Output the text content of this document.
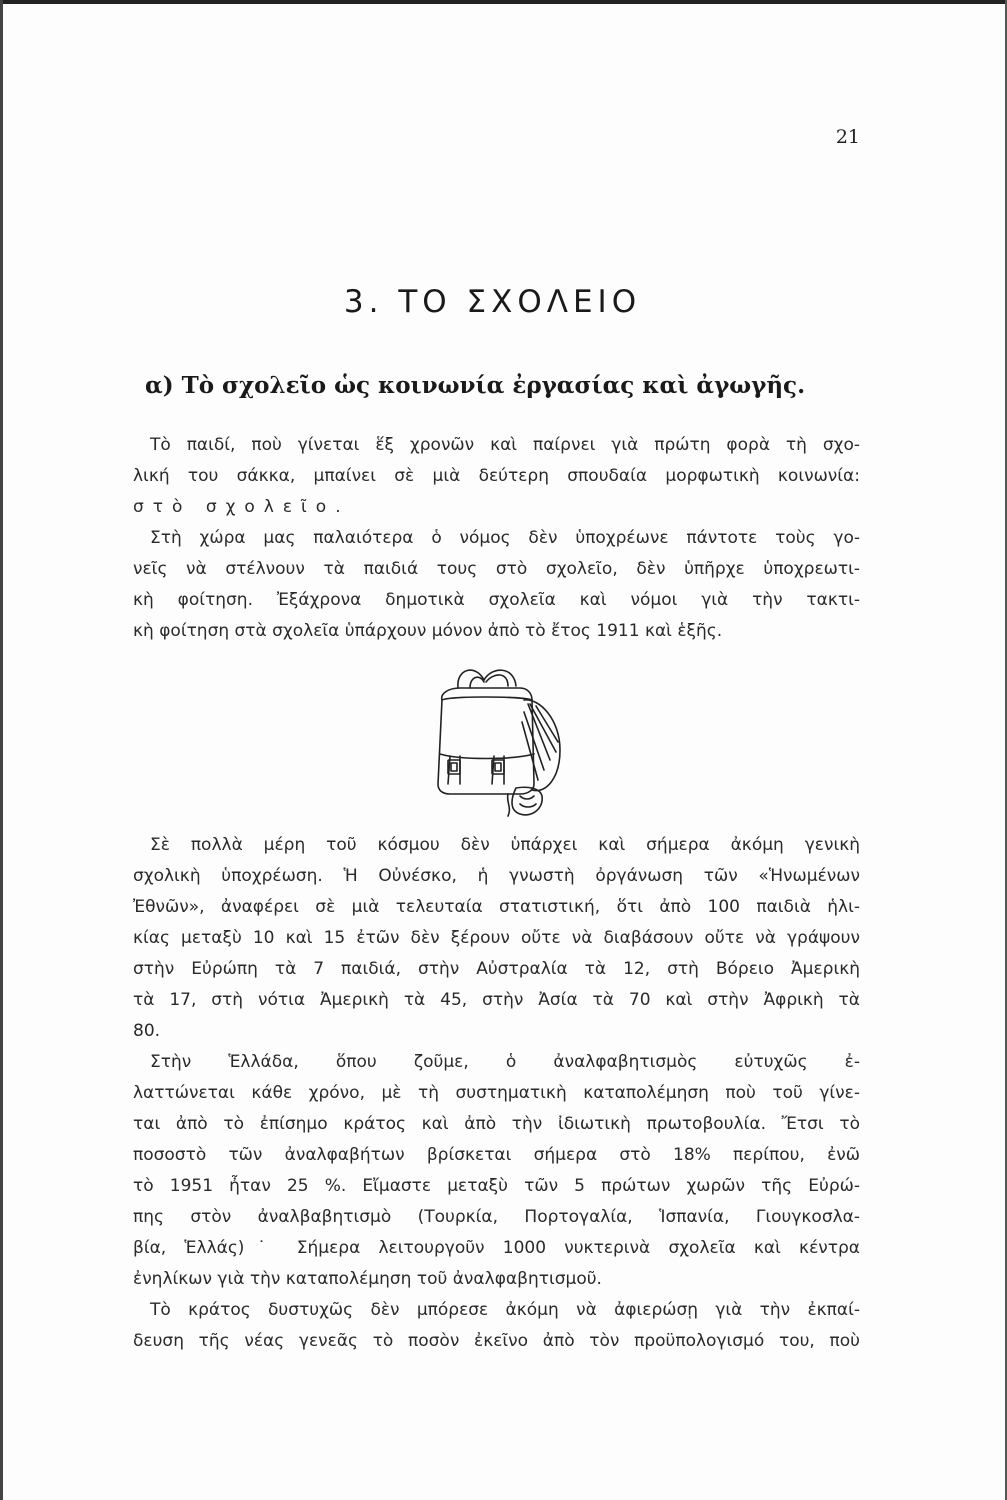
21
3. ΤΟ ΣΧΟΛΕΙΟ
α) Τὸ σχολεῖο ὡς κοινωνία ἐργασίας καὶ ἀγωγῆς.
Τὸ παιδί, ποὺ γίνεται ἕξ χρονῶν καὶ παίρνει γιὰ πρώτη φορὰ τὴ σχο-
λική του σάκκα, μπαίνει σὲ μιὰ δεύτερη σπουδαία μορφωτικὴ κοινωνία:
στὸ σχολεῖο.
Στὴ χώρα μας παλαιότερα ὁ νόμος δὲν ὑποχρέωνε πάντοτε τοὺς γο-
νεῖς νὰ στέλνουν τὰ παιδιά τους στὸ σχολεῖο, δὲν ὑπῆρχε ὑποχρεωτι-
κὴ φοίτηση. Ἐξάχρονα δημοτικὰ σχολεῖα καὶ νόμοι γιὰ τὴν τακτι-
κὴ φοίτηση στὰ σχολεῖα ὑπάρχουν μόνον ἀπὸ τὸ ἔτος 1911 καὶ ἑξῆς.
Σὲ πολλὰ μέρη τοῦ κόσμου δὲν ὑπάρχει καὶ σήμερα ἀκόμη γενικὴ
σχολικὴ ὑποχρέωση. Ἡ Οὐνέσκο, ἡ γνωστὴ ὀργάνωση τῶν «Ἡνωμένων
Ἐθνῶν», ἀναφέρει σὲ μιὰ τελευταία στατιστική, ὅτι ἀπὸ 100 παιδιὰ ἡλι-
κίας μεταξὺ 10 καὶ 15 ἐτῶν δὲν ξέρουν οὔτε νὰ διαβάσουν οὔτε νὰ γράψουν
στὴν Εὐρώπη τὰ 7 παιδιά, στὴν Αὐστραλία τὰ 12, στὴ Βόρειο Ἀμερικὴ
τὰ 17, στὴ νότια Ἀμερικὴ τὰ 45, στὴν Ἀσία τὰ 70 καὶ στὴν Ἀφρικὴ τὰ
80.
Στὴν Ἑλλάδα, ὅπου ζοῦμε, ὁ ἀναλφαβητισμὸς εὐτυχῶς ἐ-
λαττώνεται κάθε χρόνο, μὲ τὴ συστηματικὴ καταπολέμηση ποὺ τοῦ γίνε-
ται ἀπὸ τὸ ἐπίσημο κράτος καὶ ἀπὸ τὴν ἰδιωτικὴ πρωτοβουλία. Ἔτσι τὸ
ποσοστὸ τῶν ἀναλφαβήτων βρίσκεται σήμερα στὸ 18% περίπου, ἐνῶ
τὸ 1951 ἦταν 25 %. Εἴμαστε μεταξὺ τῶν 5 πρώτων χωρῶν τῆς Εὐρώ-
πης στὸν ἀναλβαβητισμὸ (Τουρκία, Πορτογαλία, Ἱσπανία, Γιουγκοσλα-
βία, Ἑλλάς)˙ Σήμερα λειτουργοῦν 1000 νυκτερινὰ σχολεῖα καὶ κέντρα
ἐνηλίκων γιὰ τὴν καταπολέμηση τοῦ ἀναλφαβητισμοῦ.
Τὸ κράτος δυστυχῶς δὲν μπόρεσε ἀκόμη νὰ ἀφιερώσῃ γιὰ τὴν ἐκπαί-
δευση τῆς νέας γενεᾶς τὸ ποσὸν ἐκεῖνο ἀπὸ τὸν προϋπολογισμό του, ποὺ
